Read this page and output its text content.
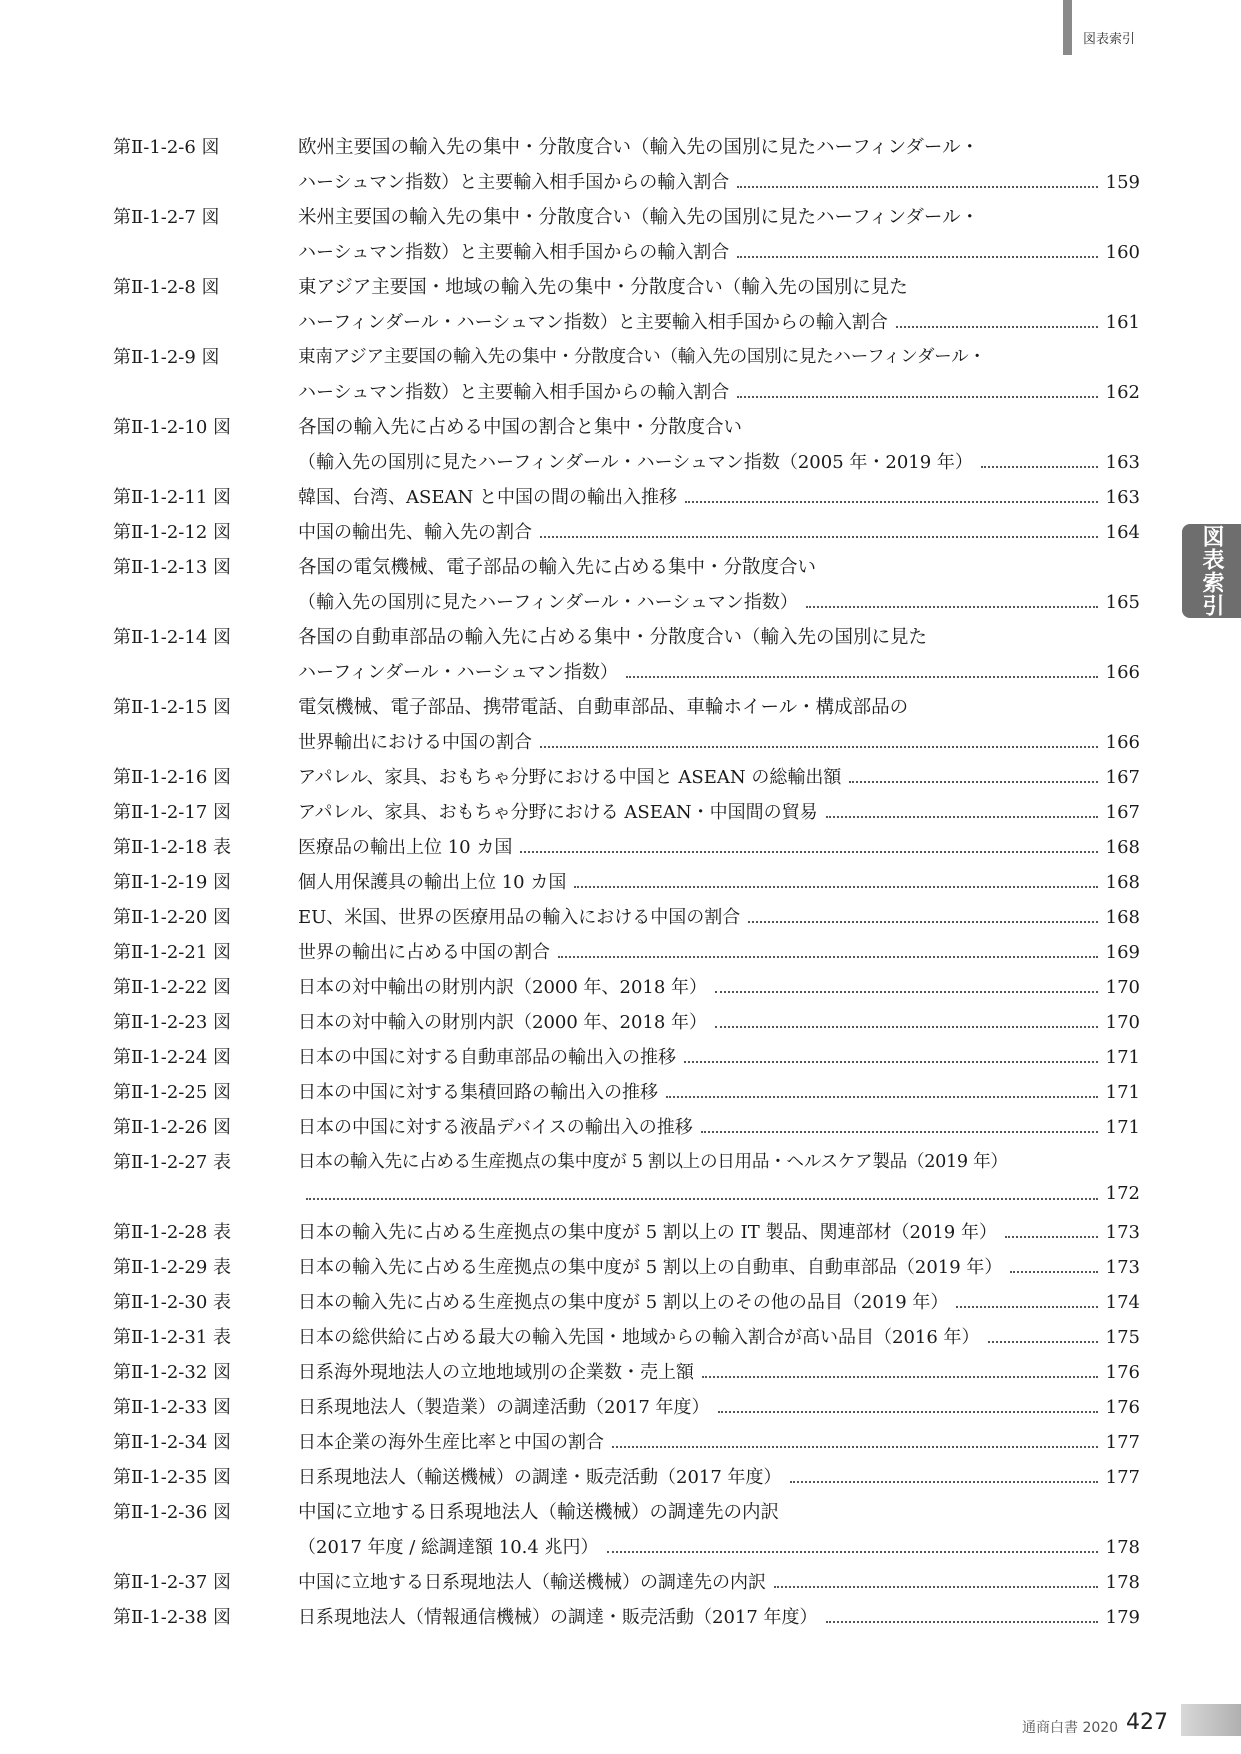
図表索引
図表索引
第Ⅱ-1-2-6 図	欧州主要国の輸入先の集中・分散度合い（輸入先の国別に見たハーフィンダール・
ハーシュマン指数）と主要輸入相手国からの輸入割合	159
第Ⅱ-1-2-7 図	米州主要国の輸入先の集中・分散度合い（輸入先の国別に見たハーフィンダール・
ハーシュマン指数）と主要輸入相手国からの輸入割合	160
第Ⅱ-1-2-8 図	東アジア主要国・地域の輸入先の集中・分散度合い（輸入先の国別に見た
ハーフィンダール・ハーシュマン指数）と主要輸入相手国からの輸入割合	161
第Ⅱ-1-2-9 図	東南アジア主要国の輸入先の集中・分散度合い（輸入先の国別に見たハーフィンダール・
ハーシュマン指数）と主要輸入相手国からの輸入割合	162
第Ⅱ-1-2-10 図	各国の輸入先に占める中国の割合と集中・分散度合い
（輸入先の国別に見たハーフィンダール・ハーシュマン指数（2005 年・2019 年）	163
第Ⅱ-1-2-11 図	韓国、台湾、ASEAN と中国の間の輸出入推移	163
第Ⅱ-1-2-12 図	中国の輸出先、輸入先の割合	164
第Ⅱ-1-2-13 図	各国の電気機械、電子部品の輸入先に占める集中・分散度合い
（輸入先の国別に見たハーフィンダール・ハーシュマン指数）	165
第Ⅱ-1-2-14 図	各国の自動車部品の輸入先に占める集中・分散度合い（輸入先の国別に見た
ハーフィンダール・ハーシュマン指数）	166
第Ⅱ-1-2-15 図	電気機械、電子部品、携帯電話、自動車部品、車輪ホイール・構成部品の
世界輸出における中国の割合	166
第Ⅱ-1-2-16 図	アパレル、家具、おもちゃ分野における中国と ASEAN の総輸出額	167
第Ⅱ-1-2-17 図	アパレル、家具、おもちゃ分野における ASEAN・中国間の貿易	167
第Ⅱ-1-2-18 表	医療品の輸出上位 10 カ国	168
第Ⅱ-1-2-19 図	個人用保護具の輸出上位 10 カ国	168
第Ⅱ-1-2-20 図	EU、米国、世界の医療用品の輸入における中国の割合	168
第Ⅱ-1-2-21 図	世界の輸出に占める中国の割合	169
第Ⅱ-1-2-22 図	日本の対中輸出の財別内訳（2000 年、2018 年）	170
第Ⅱ-1-2-23 図	日本の対中輸入の財別内訳（2000 年、2018 年）	170
第Ⅱ-1-2-24 図	日本の中国に対する自動車部品の輸出入の推移	171
第Ⅱ-1-2-25 図	日本の中国に対する集積回路の輸出入の推移	171
第Ⅱ-1-2-26 図	日本の中国に対する液晶デバイスの輸出入の推移	171
第Ⅱ-1-2-27 表	日本の輸入先に占める生産拠点の集中度が 5 割以上の日用品・ヘルスケア製品（2019 年）
172
第Ⅱ-1-2-28 表	日本の輸入先に占める生産拠点の集中度が 5 割以上の IT 製品、関連部材（2019 年）	173
第Ⅱ-1-2-29 表	日本の輸入先に占める生産拠点の集中度が 5 割以上の自動車、自動車部品（2019 年）	173
第Ⅱ-1-2-30 表	日本の輸入先に占める生産拠点の集中度が 5 割以上のその他の品目（2019 年）	174
第Ⅱ-1-2-31 表	日本の総供給に占める最大の輸入先国・地域からの輸入割合が高い品目（2016 年）	175
第Ⅱ-1-2-32 図	日系海外現地法人の立地地域別の企業数・売上額	176
第Ⅱ-1-2-33 図	日系現地法人（製造業）の調達活動（2017 年度）	176
第Ⅱ-1-2-34 図	日本企業の海外生産比率と中国の割合	177
第Ⅱ-1-2-35 図	日系現地法人（輸送機械）の調達・販売活動（2017 年度）	177
第Ⅱ-1-2-36 図	中国に立地する日系現地法人（輸送機械）の調達先の内訳
（2017 年度 / 総調達額 10.4 兆円）	178
第Ⅱ-1-2-37 図	中国に立地する日系現地法人（輸送機械）の調達先の内訳	178
第Ⅱ-1-2-38 図	日系現地法人（情報通信機械）の調達・販売活動（2017 年度）	179
通商白書 2020 427
